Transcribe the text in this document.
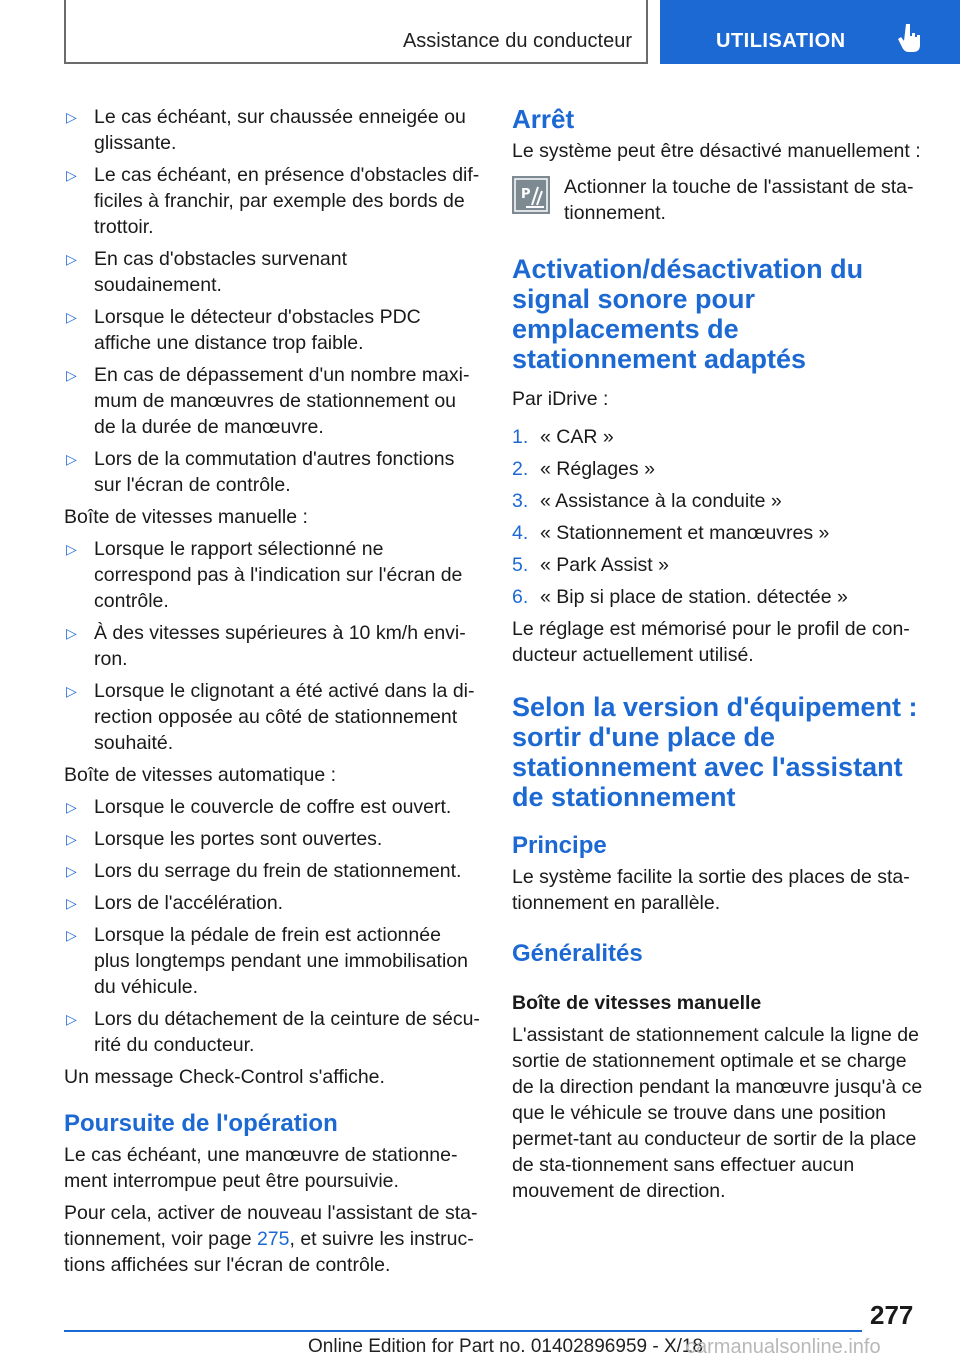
Assistance du conducteur	UTILISATION
▷ Le cas échéant, sur chaussée enneigée ou glissante.
▷ Le cas échéant, en présence d'obstacles dif-ficiles à franchir, par exemple des bords de trottoir.
▷ En cas d'obstacles survenant soudainement.
▷ Lorsque le détecteur d'obstacles PDC affiche une distance trop faible.
▷ En cas de dépassement d'un nombre maxi-mum de manœuvres de stationnement ou de la durée de manœuvre.
▷ Lors de la commutation d'autres fonctions sur l'écran de contrôle.

Boîte de vitesses manuelle :

▷ Lorsque le rapport sélectionné ne correspond pas à l'indication sur l'écran de contrôle.
▷ À des vitesses supérieures à 10 km/h envi-ron.
▷ Lorsque le clignotant a été activé dans la di-rection opposée au côté de stationnement souhaité.

Boîte de vitesses automatique :

▷ Lorsque le couvercle de coffre est ouvert.
▷ Lorsque les portes sont ouvertes.
▷ Lors du serrage du frein de stationnement.
▷ Lors de l'accélération.
▷ Lorsque la pédale de frein est actionnée plus longtemps pendant une immobilisation du véhicule.
▷ Lors du détachement de la ceinture de sécu-rité du conducteur.

Un message Check-Control s'affiche.

Poursuite de l'opération

Le cas échéant, une manœuvre de stationne-ment interrompue peut être poursuivie.

Pour cela, activer de nouveau l'assistant de sta-tionnement, voir page 275, et suivre les instruc-tions affichées sur l'écran de contrôle.

Arrêt

Le système peut être désactivé manuellement :

P Actionner la touche de l'assistant de sta-tionnement.
Activation/désactivation du signal sonore pour emplacements de stationnement adaptés

Par iDrive :

1. « CAR »
2. « Réglages »
3. « Assistance à la conduite »
4. « Stationnement et manœuvres »
5. « Park Assist »
6. « Bip si place de station. détectée »

Le réglage est mémorisé pour le profil de con-ducteur actuellement utilisé.

Selon la version d'équipement : sortir d'une place de stationnement avec l'assistant de stationnement
Principe

Le système facilite la sortie des places de sta-tionnement en parallèle.

Généralités
Boîte de vitesses manuelle

L'assistant de stationnement calcule la ligne de sortie de stationnement optimale et se charge de la direction pendant la manœuvre jusqu'à ce que le véhicule se trouve dans une position permet-tant au conducteur de sortir de la place de sta-tionnement sans effectuer aucun mouvement de direction.

277
Online Edition for Part no. 01402896959 - X/18
carmanualsonline.info
